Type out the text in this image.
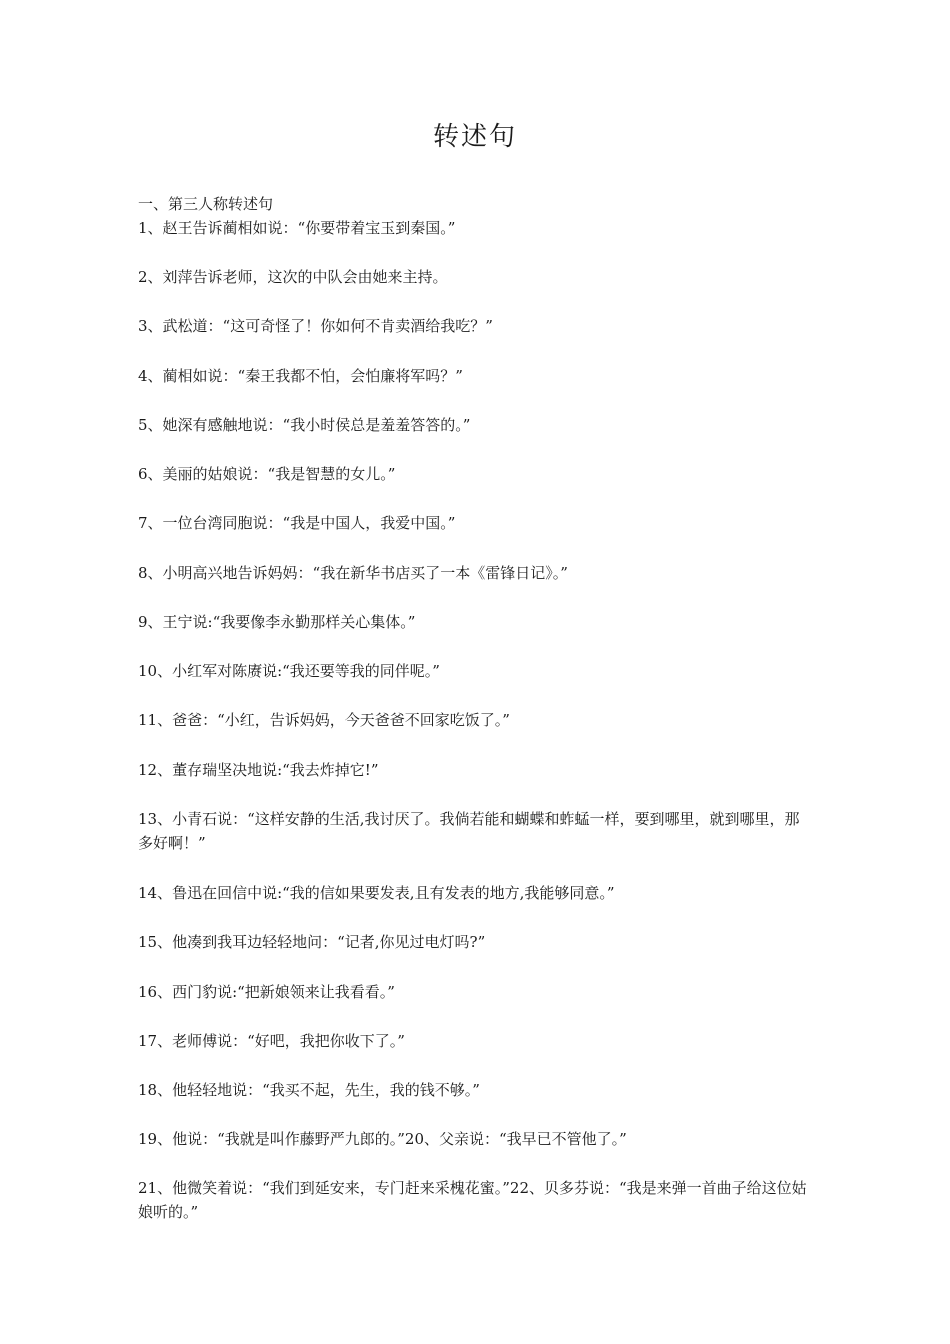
转述句
一、第三人称转述句
1、赵王告诉蔺相如说：“你要带着宝玉到秦国。”
2、刘萍告诉老师，这次的中队会由她来主持。
3、武松道：“这可奇怪了！你如何不肯卖酒给我吃？”
4、蔺相如说：“秦王我都不怕，会怕廉将军吗？”
5、她深有感触地说：“我小时侯总是羞羞答答的。”
6、美丽的姑娘说：“我是智慧的女儿。”
7、一位台湾同胞说：“我是中国人，我爱中国。”
8、小明高兴地告诉妈妈：“我在新华书店买了一本《雷锋日记》。”
9、王宁说:“我要像李永勤那样关心集体。”
10、小红军对陈赓说:“我还要等我的同伴呢。”
11、爸爸：“小红，告诉妈妈，今天爸爸不回家吃饭了。”
12、董存瑞坚决地说:“我去炸掉它!”
13、小青石说：“这样安静的生活,我讨厌了。我倘若能和蝴蝶和蚱蜢一样，要到哪里，就到哪里，那多好啊！”
14、鲁迅在回信中说:“我的信如果要发表,且有发表的地方,我能够同意。”
15、他凑到我耳边轻轻地问：“记者,你见过电灯吗?”
16、西门豹说:“把新娘领来让我看看。”
17、老师傅说：“好吧，我把你收下了。”
18、他轻轻地说：“我买不起，先生，我的钱不够。”
19、他说：“我就是叫作藤野严九郎的。”20、父亲说：“我早已不管他了。”
21、他微笑着说：“我们到延安来，专门赶来采槐花蜜。”22、贝多芬说：“我是来弹一首曲子给这位姑娘听的。”
